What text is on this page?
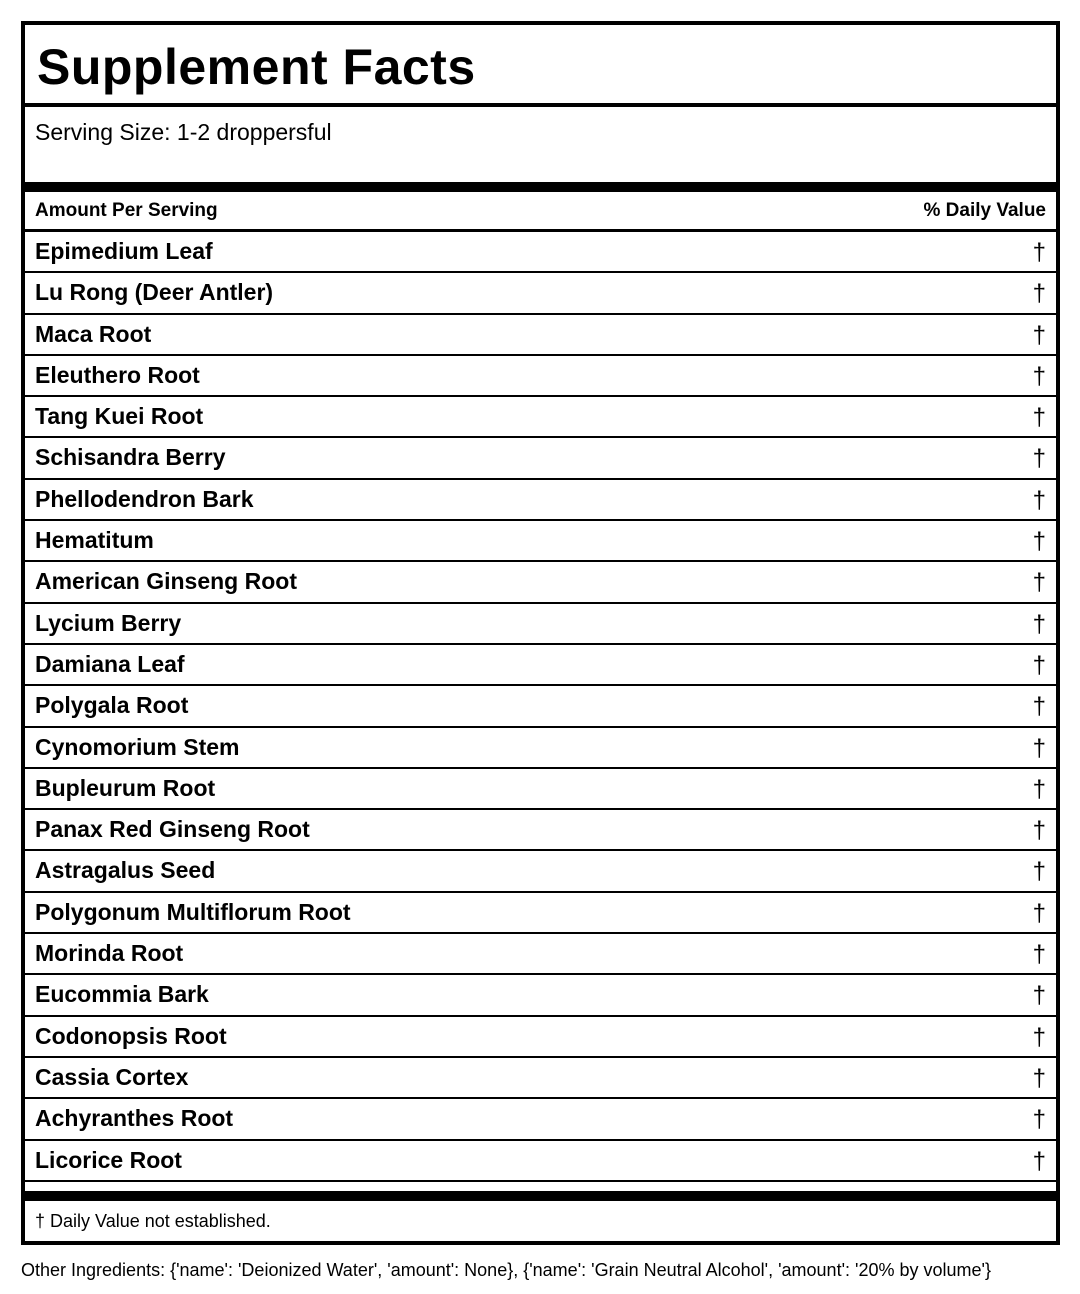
Supplement Facts
Serving Size: 1-2 droppersful
Amount Per Serving	% Daily Value
Epimedium Leaf	†
Lu Rong (Deer Antler)	†
Maca Root	†
Eleuthero Root	†
Tang Kuei Root	†
Schisandra Berry	†
Phellodendron Bark	†
Hematitum	†
American Ginseng Root	†
Lycium Berry	†
Damiana Leaf	†
Polygala Root	†
Cynomorium Stem	†
Bupleurum Root	†
Panax Red Ginseng Root	†
Astragalus Seed	†
Polygonum Multiflorum Root	†
Morinda Root	†
Eucommia Bark	†
Codonopsis Root	†
Cassia Cortex	†
Achyranthes Root	†
Licorice Root	†
† Daily Value not established.
Other Ingredients: {'name': 'Deionized Water', 'amount': None}, {'name': 'Grain Neutral Alcohol', 'amount': '20% by volume'}
